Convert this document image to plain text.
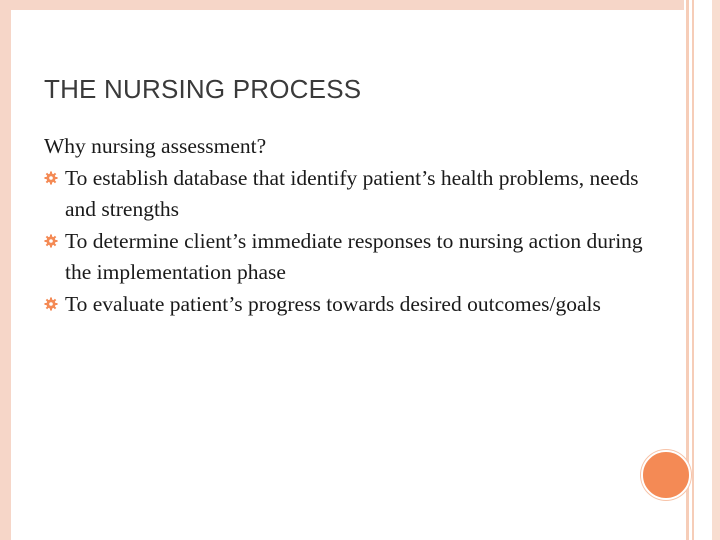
THE NURSING PROCESS

Why nursing assessment?

To establish database that identify patient’s health problems, needs and strengths
To determine client’s immediate responses to nursing action during the implementation phase
To evaluate patient’s progress towards desired outcomes/goals
